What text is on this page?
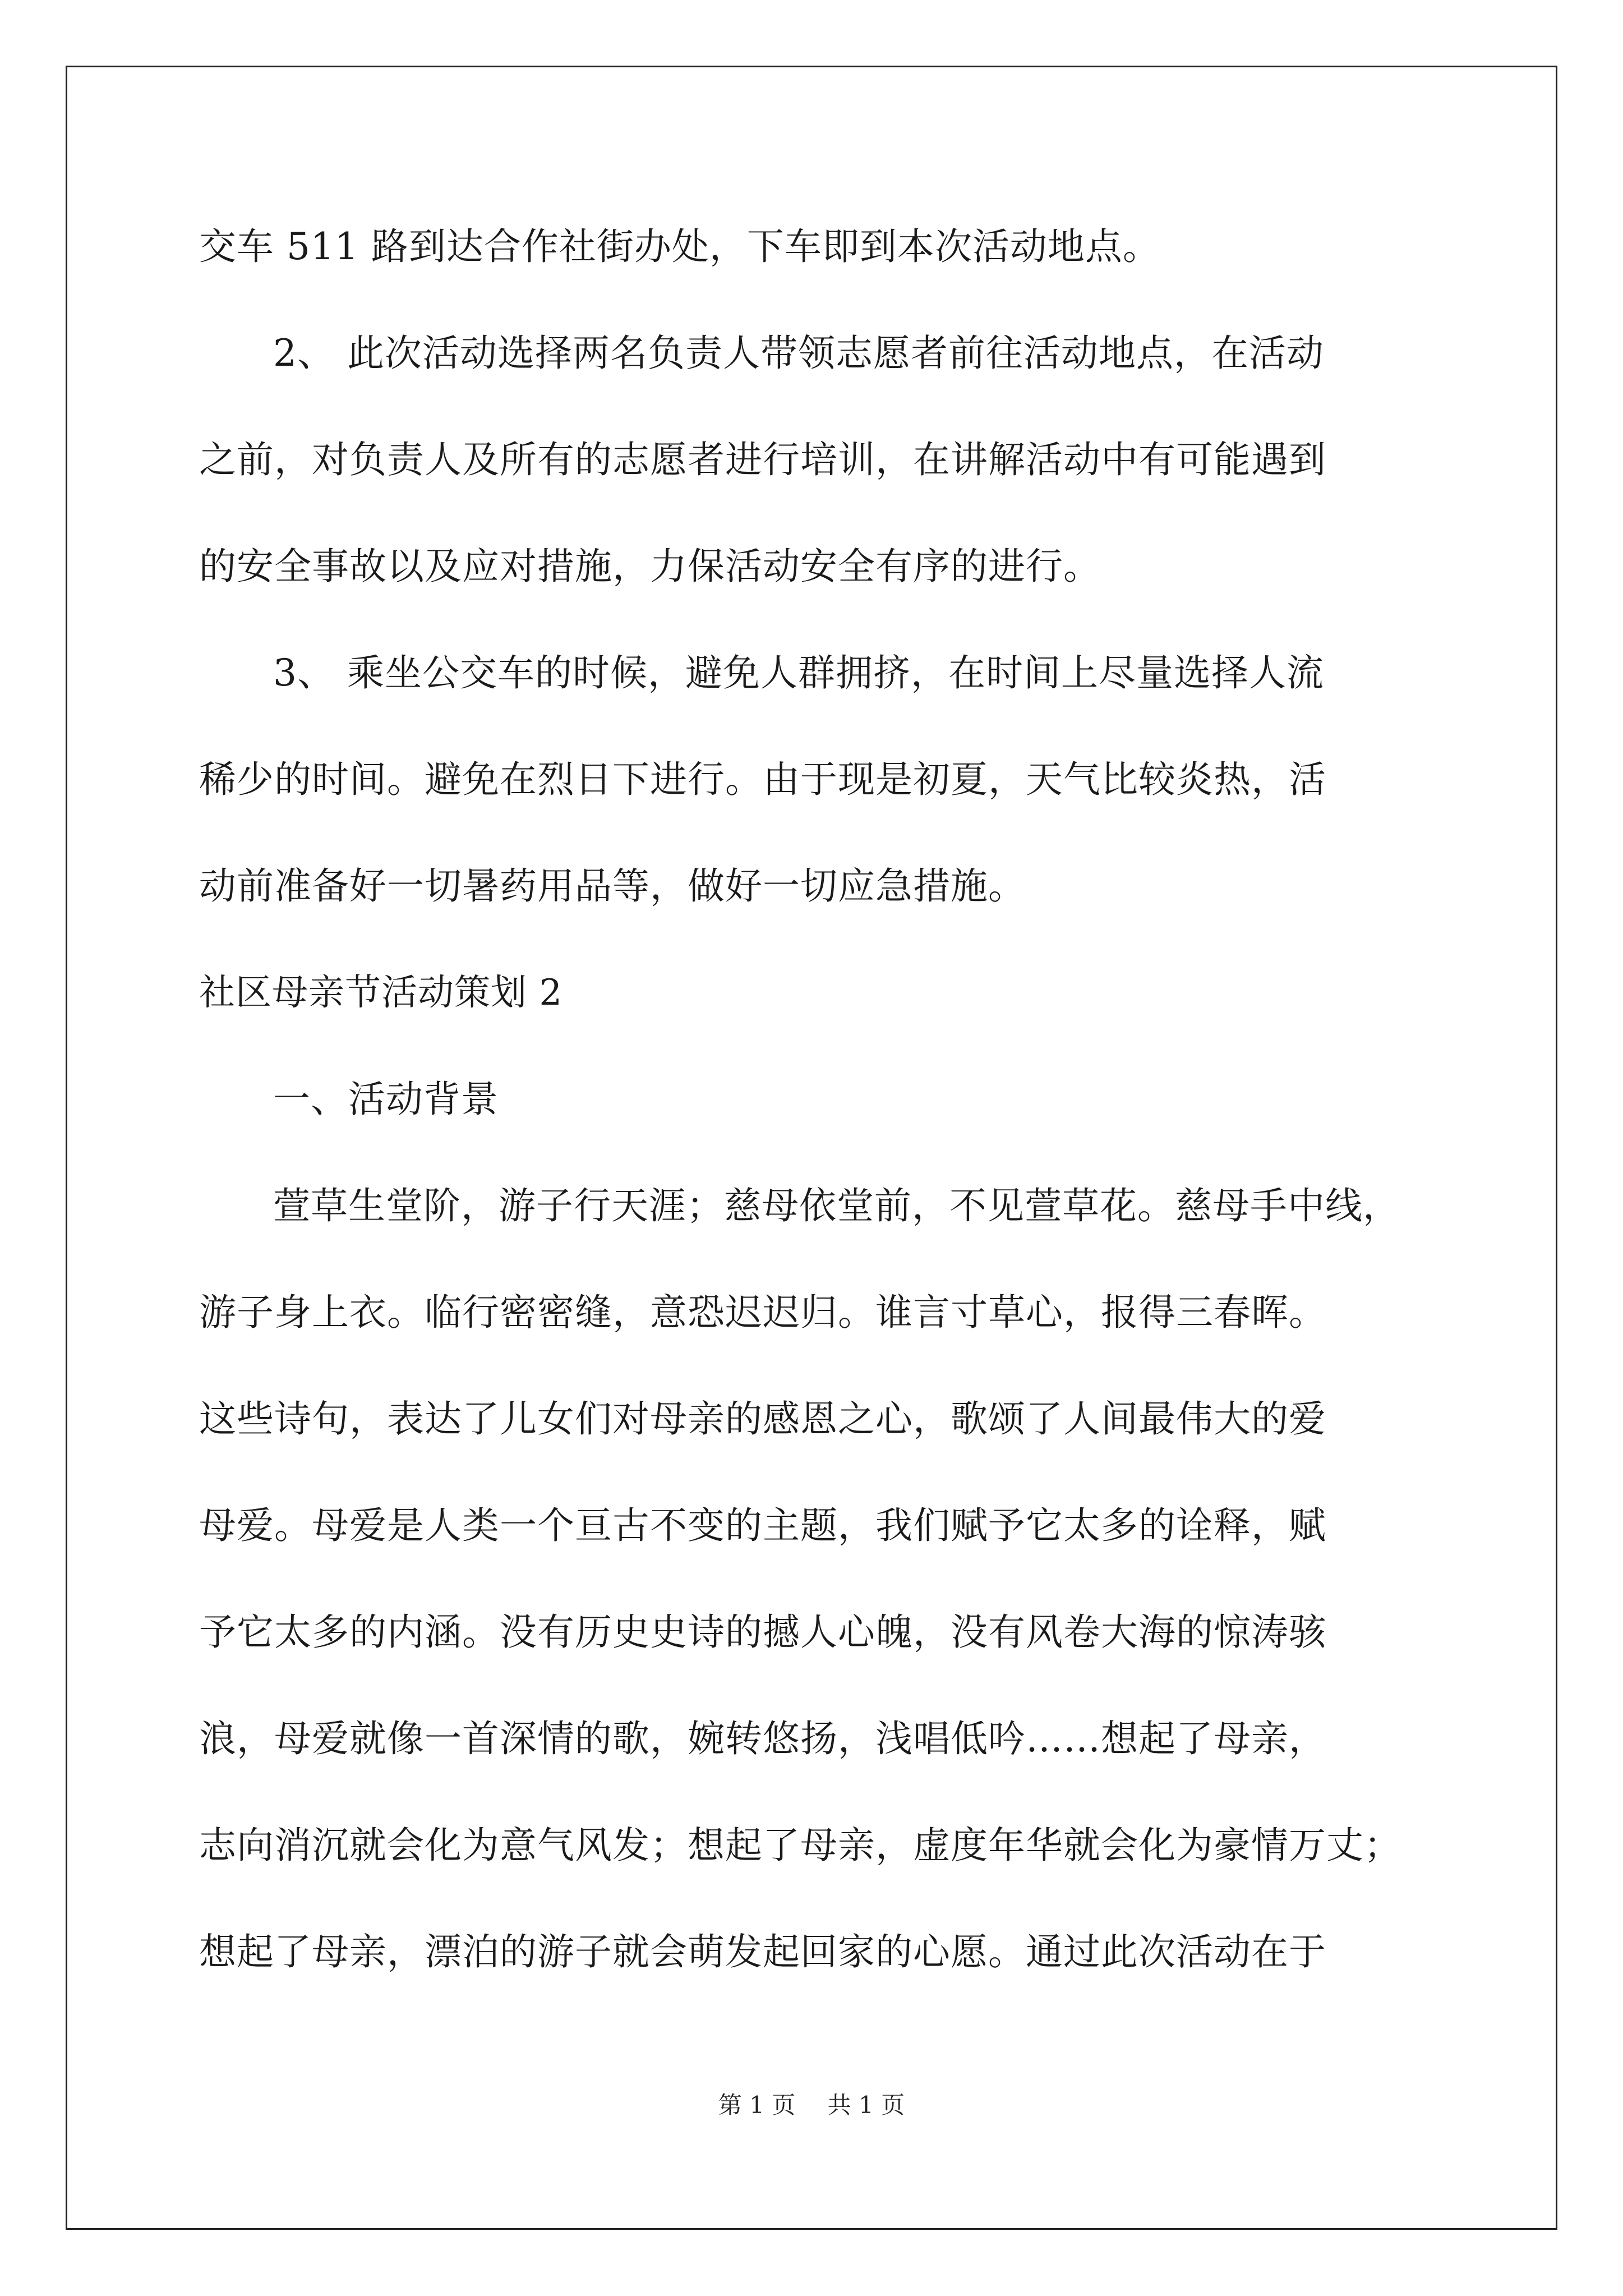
交车 511 路到达合作社街办处，下车即到本次活动地点。
2、 此次活动选择两名负责人带领志愿者前往活动地点，在活动
之前，对负责人及所有的志愿者进行培训，在讲解活动中有可能遇到
的安全事故以及应对措施，力保活动安全有序的进行。
3、 乘坐公交车的时候，避免人群拥挤，在时间上尽量选择人流
稀少的时间。避免在烈日下进行。由于现是初夏，天气比较炎热，活
动前准备好一切暑药用品等，做好一切应急措施。
社区母亲节活动策划 2
一、活动背景
萱草生堂阶，游子行天涯；慈母依堂前，不见萱草花。慈母手中线，
游子身上衣。临行密密缝，意恐迟迟归。谁言寸草心，报得三春晖。
这些诗句，表达了儿女们对母亲的感恩之心，歌颂了人间最伟大的爱
母爱。母爱是人类一个亘古不变的主题，我们赋予它太多的诠释，赋
予它太多的内涵。没有历史史诗的撼人心魄，没有风卷大海的惊涛骇
浪，母爱就像一首深情的歌，婉转悠扬，浅唱低吟……想起了母亲，
志向消沉就会化为意气风发；想起了母亲，虚度年华就会化为豪情万丈；
想起了母亲，漂泊的游子就会萌发起回家的心愿。通过此次活动在于
第 1 页 共 1 页
